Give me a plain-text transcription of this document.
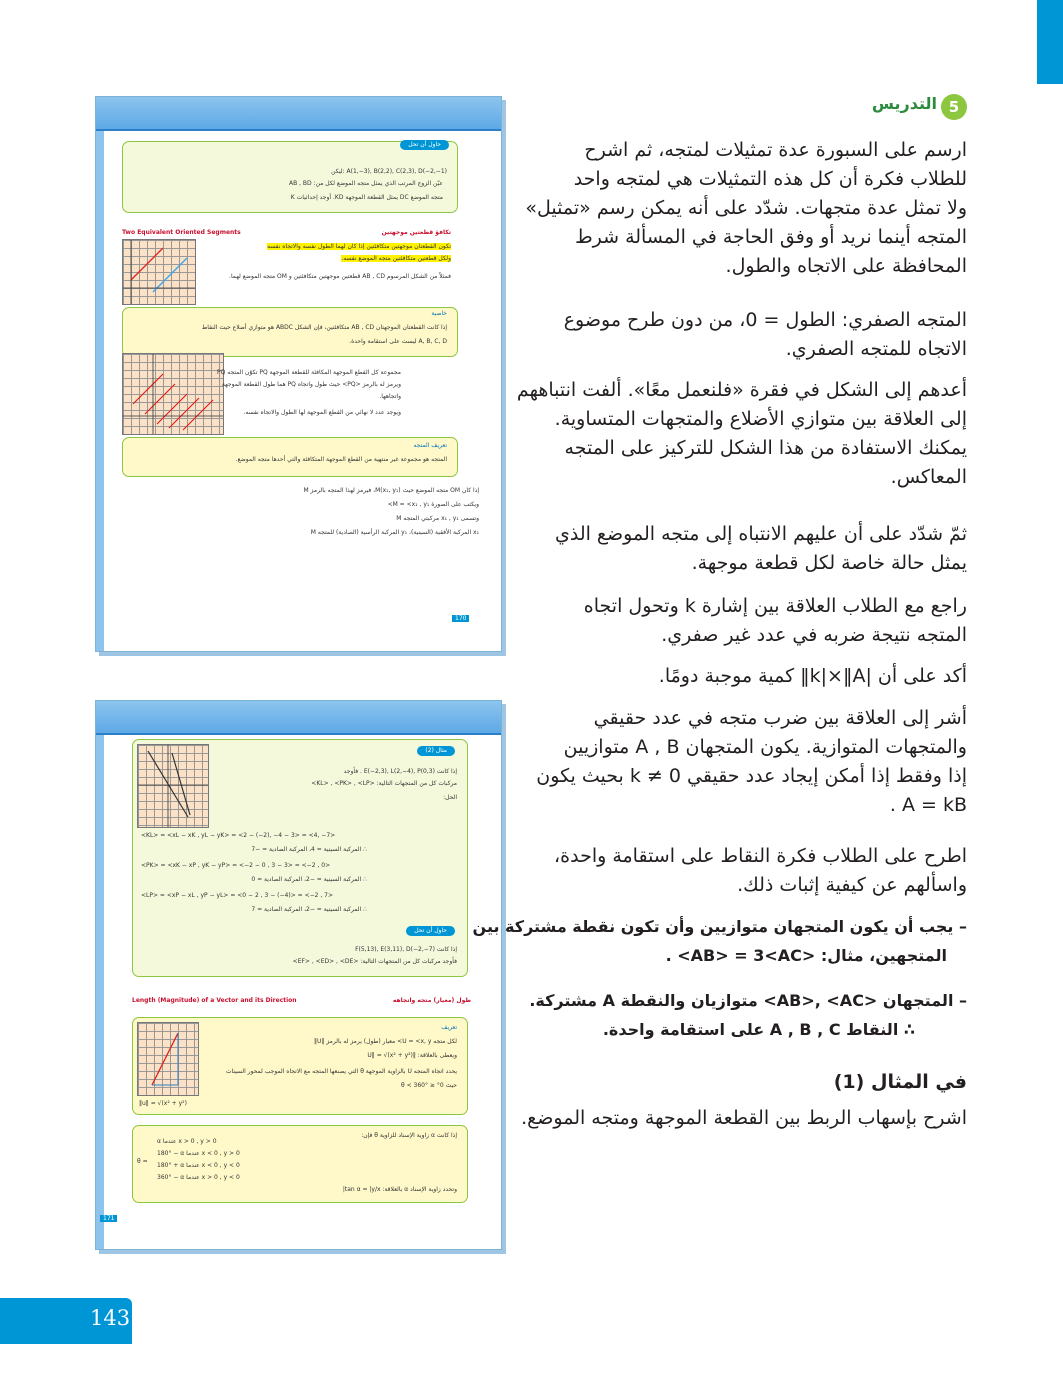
حاول أن تحل
A(1,−3), B(2,2), C(2,3), D(−2,−1) :ليكن
عيّن الزوج المرتب الذي يمثل متجه الموضع لكل من: AB , BD
متجه الموضع DC يمثل القطعة الموجهة KD. أوجد إحداثيات K
Two Equivalent Oriented Segments	تكافؤ قطعتين موجهتين
تكون القطعتان موجهتين متكافئتين إذا كان لهما الطول نفسه والاتجاه نفسه
ولكل قطعتين متكافئتين متجه الموضع نفسه.
فمثلاً من الشكل المرسوم AB , CD قطعتين موجهتين متكافئتين و OM متجه الموضع لهما.
خاصية
إذا كانت القطعتان الموجهتان AB , CD متكافئتين، فإن الشكل ABDC هو متوازي أضلاع حيث النقاط
A, B, C, D ليست على استقامة واحدة.
مجموعة كل القطع الموجهة المكافئة للقطعة الموجهة PQ تكوّن المتجه PQ
ويرمز له بالرمز <PQ> حيث طول واتجاه PQ هما طول القطعة الموجهة
واتجاهها.
ويوجد عدد لا نهائي من القطع الموجهة لها الطول والاتجاه نفسه.
تعريف المتجه
المتجه هو مجموعة غير منتهية من القطع الموجهة المتكافئة والتي أحدها متجه الموضع.
إذا كان OM متجه الموضع حيث M(x₁, y₁)، فيرمز لهذا المتجه بالرمز M
ويكتب على الصورة M = <x₁ , y₁>
وتسمى x₁ , y₁ مركبتي المتجه M
x₁ المركبة الأفقية (السينية)، y₁ المركبة الرأسية (الصادية) للمتجه M
170
مثال (2)
إذا كانت E(−2,3), L(2,−4), P(0,3) . فأوجد
مركبات كل من المتجهات التالية: <KL> , <PK> , <LP>
الحل:
<KL> = <xL − xK , yL − yK> = <2 − (−2), −4 − 3> = <4, −7>
∴ المركبة السينية = 4، المركبة الصادية = −7
<PK> = <xK − xP , yK − yP> = <−2 − 0 , 3 − 3> = <−2 , 0>
∴ المركبة السينية = −2، المركبة الصادية = 0
<LP> = <xP − xL , yP − yL> = <0 − 2 , 3 − (−4)> = <−2 , 7>
∴ المركبة السينية = −2، المركبة الصادية = 7
حاول أن تحل
إذا كانت F(5,13), E(3,11), D(−2,−7)
فأوجد مركبات كل من المتجهات التالية: <EF> , <ED> , <DE>
Length (Magnitude) of a Vector and its Direction	طول (معيار) متجه واتجاهه
‖u‖ = √(x² + y²)
تعريف
لكل متجه U = <x, y> معيار (طول) يرمز له بالرمز ‖U‖
ويعطى بالعلاقة: ‖U‖ = √(x² + y²)
يحدد اتجاه المتجه U بالزاوية الموجهة θ التي يصنعها المتجه مع الاتجاه الموجب لمحور السينات
حيث 0° ≤ θ < 360°
إذا كانت α زاوية الإسناد للزاوية θ فإن:
θ =
α عندما x > 0 , y > 0
180° − α عندما x < 0 , y > 0
180° + α عندما x < 0 , y < 0
360° − α عندما x > 0 , y < 0
وتحدد زاوية الإسناد α بالعلاقة: tan α = |y/x|
171
5
التدريس
ارسم على السبورة عدة تمثيلات لمتجه، ثم اشرح
للطلاب فكرة أن كل هذه التمثيلات هي لمتجه واحد
ولا تمثل عدة متجهات. شدّد على أنه يمكن رسم «تمثيل»
المتجه أينما نريد أو وفق الحاجة في المسألة شرط
المحافظة على الاتجاه والطول.
المتجه الصفري: الطول = 0، من دون طرح موضوع
الاتجاه للمتجه الصفري.
أعدهم إلى الشكل في فقرة «فلنعمل معًا». ألفت انتباههم
إلى العلاقة بين متوازي الأضلاع والمتجهات المتساوية.
يمكنك الاستفادة من هذا الشكل للتركيز على المتجه
المعاكس.
ثمّ شدّد على أن عليهم الانتباه إلى متجه الموضع الذي
يمثل حالة خاصة لكل قطعة موجهة.
راجع مع الطلاب العلاقة بين إشارة k وتحول اتجاه
المتجه نتيجة ضربه في عدد غير صفري.
أكد على أن |k|×‖A‖ كمية موجبة دومًا.
أشر إلى العلاقة بين ضرب متجه في عدد حقيقي
والمتجهات المتوازية. يكون المتجهان A , B متوازيين
إذا وفقط إذا أمكن إيجاد عدد حقيقي k ≠ 0 بحيث يكون
A = kB .
اطرح على الطلاب فكرة النقاط على استقامة واحدة،
واسألهم عن كيفية إثبات ذلك.
– يجب أن يكون المتجهان متوازيين وأن تكون نقطة مشتركة بين
المتجهين، مثال: ‎<AB> = 3<AC>‎ .
– المتجهان ‎<AB>, <AC>‎ متوازيان والنقطة A مشتركة.
∴ النقاط A , B , C على استقامة واحدة.
في المثال (1)
اشرح بإسهاب الربط بين القطعة الموجهة ومتجه الموضع.
143
